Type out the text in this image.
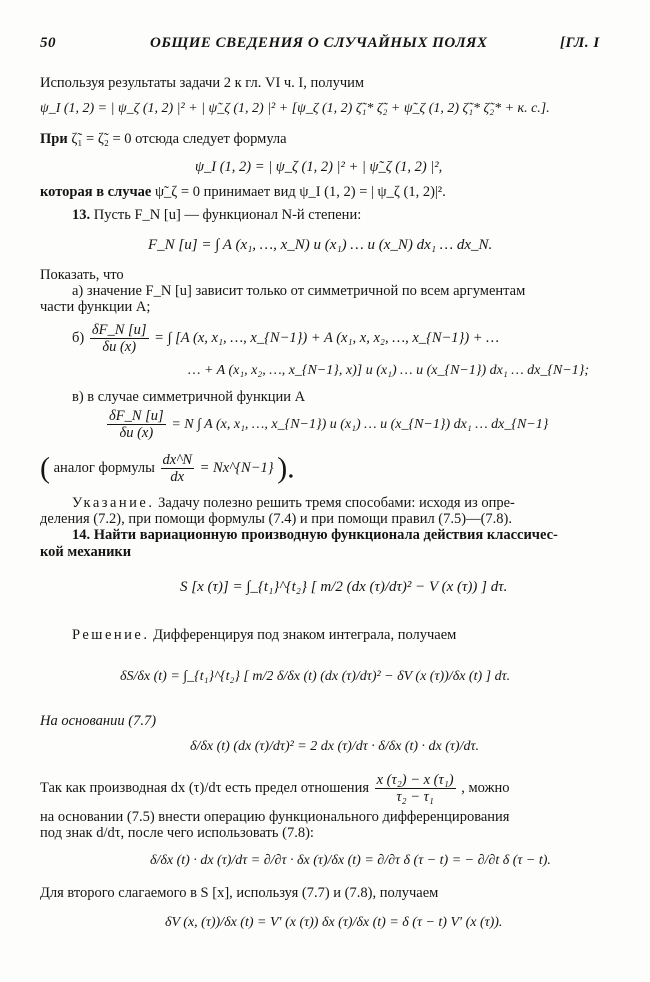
50	ОБЩИЕ СВЕДЕНИЯ О СЛУЧАЙНЫХ ПОЛЯХ	[ГЛ. I
Используя результаты задачи 2 к гл. VI ч. I, получим
ψ_I (1, 2) = | ψ_ζ (1, 2) |² + | ψ̃_ζ (1, 2) |² + [ψ_ζ (1, 2) ζ̃₁* ζ̃₂ + ψ̃_ζ (1, 2) ζ̃₁* ζ̃₂* + к. с.].
При ζ̃₁ = ζ̃₂ = 0 отсюда следует формула
ψ_I (1, 2) = | ψ_ζ (1, 2) |² + | ψ̃_ζ (1, 2) |²,
которая в случае ψ̃_ζ = 0 принимает вид ψ_I (1, 2) = | ψ_ζ (1, 2)|².
13. Пусть F_N [u] — функционал N-й степени:
F_N [u] = ∫ A (x₁, …, x_N) u (x₁) … u (x_N) dx₁ … dx_N.
Показать, что
а) значение F_N [u] зависит только от симметричной по всем аргументам
части функции A;
$б) \frac{\delta F\_N [u]}{\delta u (x)}$ = ∫ [A (x, x₁, …, x_{N−1}) + A (x₁, x, x₂, …, x_{N−1}) + …
… + A (x₁, x₂, …, x_{N−1}, x)] u (x₁) … u (x_{N−1}) dx₁ … dx_{N−1};
в) в случае симметричной функции A
$\frac{\delta F\_N [u]}{\delta u (x)} = N$ ∫ A (x, x₁, …, x_{N−1}) u (x₁) … u (x_{N−1}) dx₁ … dx_{N−1}
( аналог формулы $\frac{dx\^{}N}{dx}$ = Nx^{N−1} ).
Указание. Задачу полезно решить тремя способами: исходя из опре-
деления (7.2), при помощи формулы (7.4) и при помощи правил (7.5)—(7.8).
14. Найти вариационную производную функционала действия классичес-
кой механики
S [x (τ)] = ∫_{t₁}^{t₂} [ m/2 (dx (τ)/dτ)² − V (x (τ)) ] dτ.
Решение. Дифференцируя под знаком интеграла, получаем
δS/δx (t) = ∫_{t₁}^{t₂} [ m/2 δ/δx (t) (dx (τ)/dτ)² − δV (x (τ))/δx (t) ] dτ.
На основании (7.7)
δ/δx (t) (dx (τ)/dτ)² = 2 dx (τ)/dτ · δ/δx (t) · dx (τ)/dτ.
Так как производная dx (τ)/dτ есть предел отношения $\frac{\text{x (τ₂) − x (τ₁)}}{\text{τ₂ − τ₁}}$ , можно
на основании (7.5) внести операцию функционального дифференцирования
под знак d/dτ, после чего использовать (7.8):
δ/δx (t) · dx (τ)/dτ = ∂/∂τ · δx (τ)/δx (t) = ∂/∂τ δ (τ − t) = − ∂/∂t δ (τ − t).
Для второго слагаемого в S [x], используя (7.7) и (7.8), получаем
δV (x, (τ))/δx (t) = V′ (x (τ)) δx (τ)/δx (t) = δ (τ − t) V′ (x (τ)).
